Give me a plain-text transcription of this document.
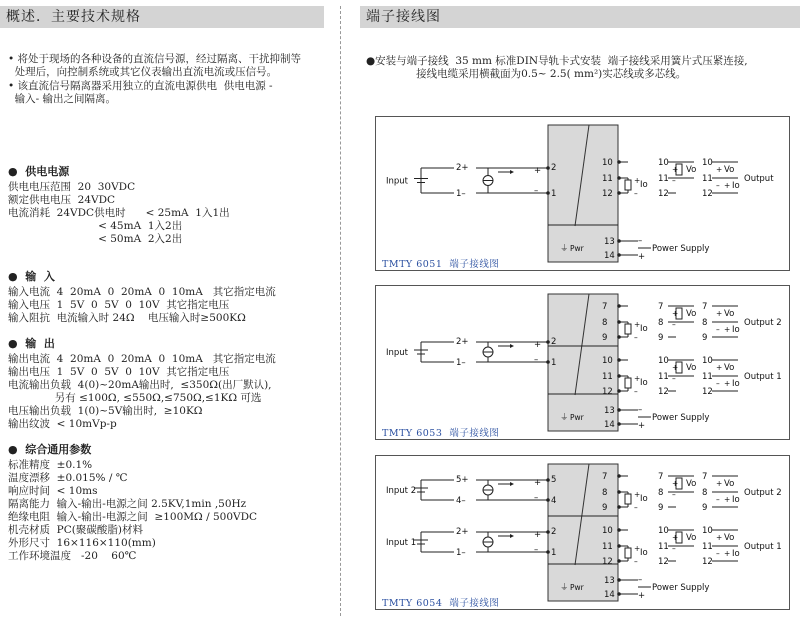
概述．主要技术规格	端子接线图
• 将处于现场的各种设备的直流信号源，经过隔离、干扰抑制等
处理后，向控制系统或其它仪表输出直流电流或压信号。
• 该直流信号隔离器采用独立的直流电源供电  供电电源 -
输入- 输出之间隔离。
●  供电电源
供电电压范围  20  30VDC
额定供电电压  24VDC
电流消耗  24VDC供电时      < 25mA  1入1出
< 45mA  1入2出
< 50mA  2入2出
●  输  入
输入电流  4  20mA  0  20mA  0  10mA   其它指定电流
输入电压  1  5V  0  5V  0  10V  其它指定电压
输入阻抗  电流输入时 24Ω    电压输入时≥500KΩ
●  输  出
输出电流  4  20mA  0  20mA  0  10mA   其它指定电流
输出电压  1  5V  0  5V  0  10V  其它指定电压
电流输出负载  4(0)~20mA输出时,  ≤350Ω(出厂默认),
另有 ≤100Ω, ≤550Ω,≤750Ω,≤1KΩ 可选
电压输出负载  1(0)~5V输出时,  ≥10KΩ
输出纹波  < 10mVp-p
●  综合通用参数
标准精度  ±0.1%
温度漂移  ±0.015% / ℃
响应时间  < 10ms
隔离能力  输入-输出-电源之间 2.5KV,1min ,50Hz
绝缘电阻  输入-输出-电源之间  ≥100MΩ / 500VDC
机壳材质  PC(聚碳酸脂)材料
外形尺寸  16×116×110(mm)
工作环境温度   -20    60℃
●安装与端子接线  35 mm 标准DIN导轨卡式安装  端子接线采用簧片式压紧连接,
接线电缆采用横截面为0.5~ 2.5( mm²)实芯线或多芯线。
Input
2+
1–
+
–
2
1
10
11
12
+
–
Io
10
11
12
Vo
+
–
10
11
12
+ Vo
– + Io
Output
13
14
–
+
Power Supply
⏚ Pwr
TMTY 6051  端子接线图
Input
2+
1–
+
–
2
1
7
8
9
+
–
Io
7
8
9
Vo
+
–
7
8
9
+ Vo
– + Io
Output 2
10
11
12
+
–
Io
10
11
12
Vo
+
–
10
11
12
+ Vo
– + Io
Output 1
13
14
–
+
Power Supply
⏚ Pwr
TMTY 6053  端子接线图
Input 2
5+
4–
+
–
5
4
Input 1
2+
1–
+
–
2
1
7
8
9
+
–
Io
7
8
9
Vo
+
–
7
8
9
+ Vo
– + Io
Output 2
10
11
12
+
–
Io
10
11
12
Vo
+
–
10
11
12
+ Vo
– + Io
Output 1
13
14
–
+
Power Supply
⏚ Pwr
TMTY 6054  端子接线图
